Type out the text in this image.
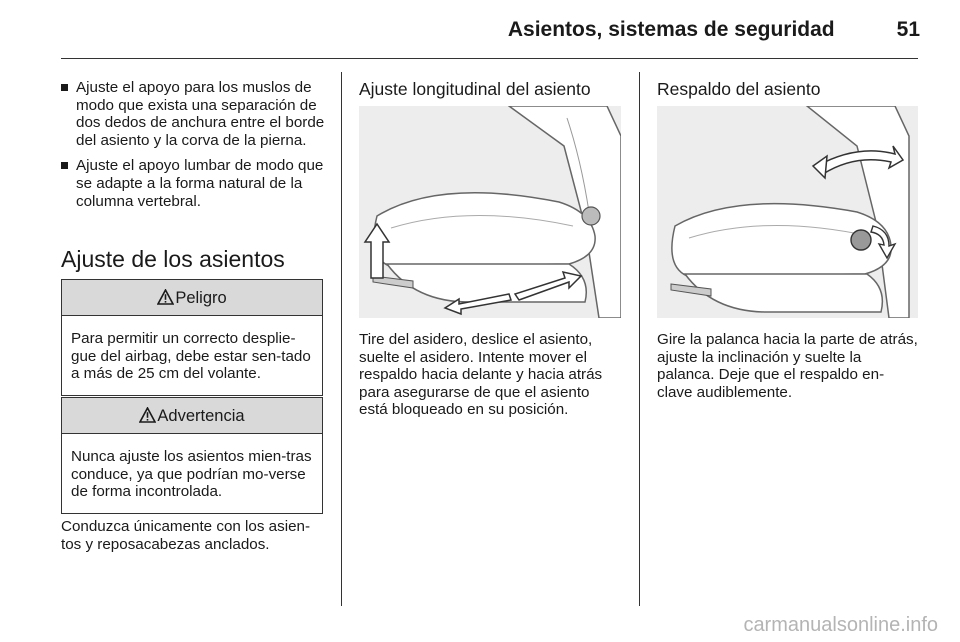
Asientos, sistemas de seguridad	51
Ajuste el apoyo para los muslos de modo que exista una separación de dos dedos de anchura entre el borde del asiento y la corva de la pierna.
Ajuste el apoyo lumbar de modo que se adapte a la forma natural de la columna vertebral.
Ajuste de los asientos
Peligro
Para permitir un correcto desplie-gue del airbag, debe estar sen-tado a más de 25 cm del volante.
Advertencia
Nunca ajuste los asientos mien-tras conduce, ya que podrían mo-verse de forma incontrolada.
Conduzca únicamente con los asien-tos y reposacabezas anclados.
Ajuste longitudinal del asiento
Tire del asidero, deslice el asiento, suelte el asidero. Intente mover el respaldo hacia delante y hacia atrás para asegurarse de que el asiento está bloqueado en su posición.
Respaldo del asiento
Gire la palanca hacia la parte de atrás, ajuste la inclinación y suelte la palanca. Deje que el respaldo en-clave audiblemente.
carmanualsonline.info
